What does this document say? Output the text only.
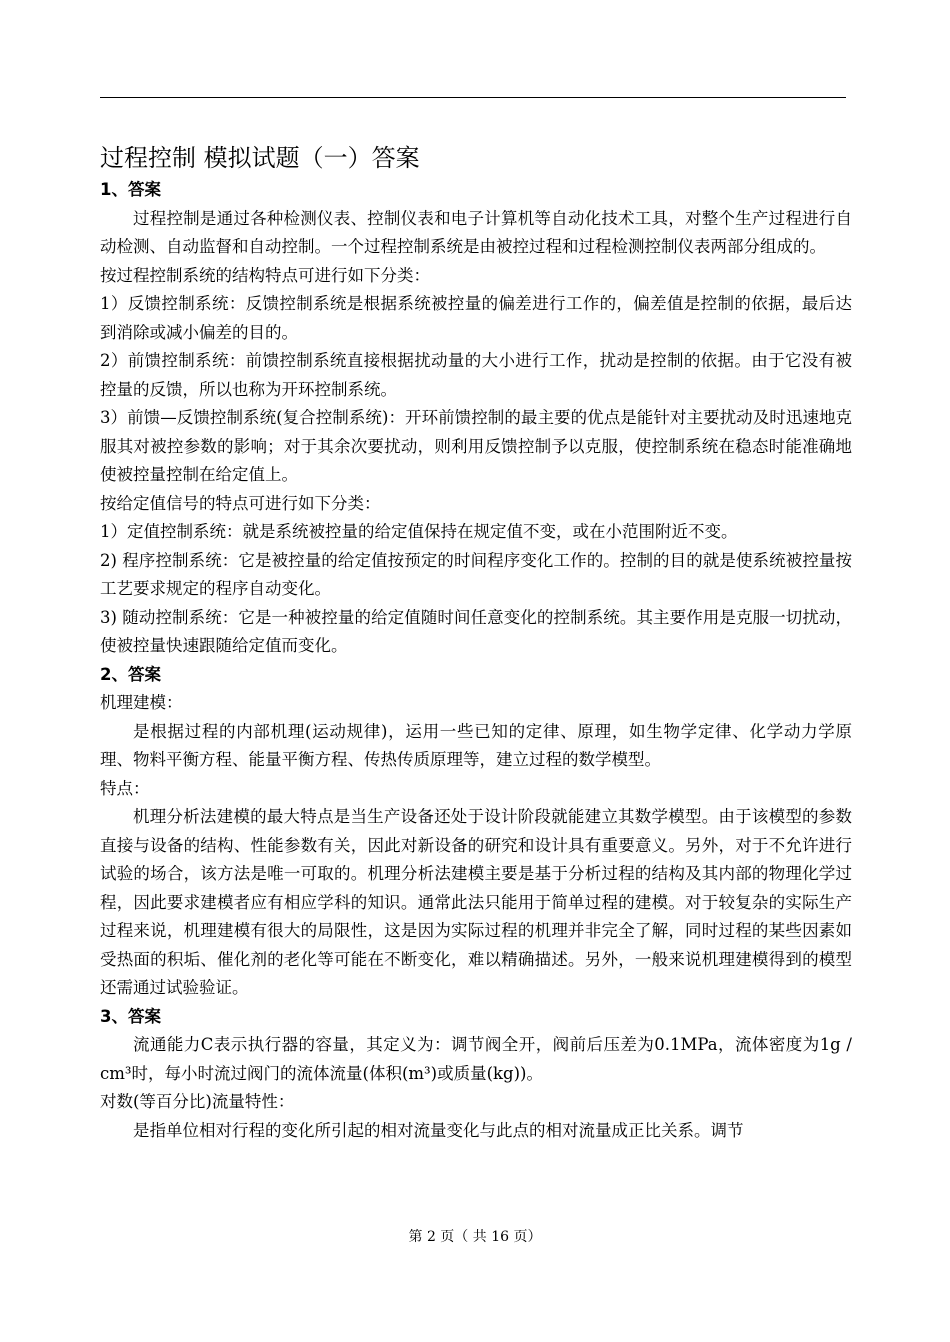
过程控制 模拟试题（一）答案

1、答案

过程控制是通过各种检测仪表、控制仪表和电子计算机等自动化技术工具，对整个生产过程进行自动检测、自动监督和自动控制。一个过程控制系统是由被控过程和过程检测控制仪表两部分组成的。

按过程控制系统的结构特点可进行如下分类：

1）反馈控制系统：反馈控制系统是根据系统被控量的偏差进行工作的，偏差值是控制的依据，最后达到消除或减小偏差的目的。

2）前馈控制系统：前馈控制系统直接根据扰动量的大小进行工作，扰动是控制的依据。由于它没有被控量的反馈，所以也称为开环控制系统。

3）前馈—反馈控制系统(复合控制系统)：开环前馈控制的最主要的优点是能针对主要扰动及时迅速地克服其对被控参数的影响；对于其余次要扰动，则利用反馈控制予以克服，使控制系统在稳态时能准确地使被控量控制在给定值上。

按给定值信号的特点可进行如下分类：

1）定值控制系统：就是系统被控量的给定值保持在规定值不变，或在小范围附近不变。

2) 程序控制系统：它是被控量的给定值按预定的时间程序变化工作的。控制的目的就是使系统被控量按工艺要求规定的程序自动变化。

3) 随动控制系统：它是一种被控量的给定值随时间任意变化的控制系统。其主要作用是克服一切扰动，使被控量快速跟随给定值而变化。

2、答案

机理建模：

是根据过程的内部机理(运动规律)，运用一些已知的定律、原理，如生物学定律、化学动力学原理、物料平衡方程、能量平衡方程、传热传质原理等，建立过程的数学模型。

特点：

机理分析法建模的最大特点是当生产设备还处于设计阶段就能建立其数学模型。由于该模型的参数直接与设备的结构、性能参数有关，因此对新设备的研究和设计具有重要意义。另外，对于不允许进行试验的场合，该方法是唯一可取的。机理分析法建模主要是基于分析过程的结构及其内部的物理化学过程，因此要求建模者应有相应学科的知识。通常此法只能用于简单过程的建模。对于较复杂的实际生产过程来说，机理建模有很大的局限性，这是因为实际过程的机理并非完全了解，同时过程的某些因素如受热面的积垢、催化剂的老化等可能在不断变化，难以精确描述。另外，一般来说机理建模得到的模型还需通过试验验证。

3、答案

流通能力C表示执行器的容量，其定义为：调节阀全开，阀前后压差为0.1MPa，流体密度为1g / cm³时，每小时流过阀门的流体流量(体积(m³)或质量(kg))。

对数(等百分比)流量特性：

是指单位相对行程的变化所引起的相对流量变化与此点的相对流量成正比关系。调节

第 2 页（ 共 16 页）
